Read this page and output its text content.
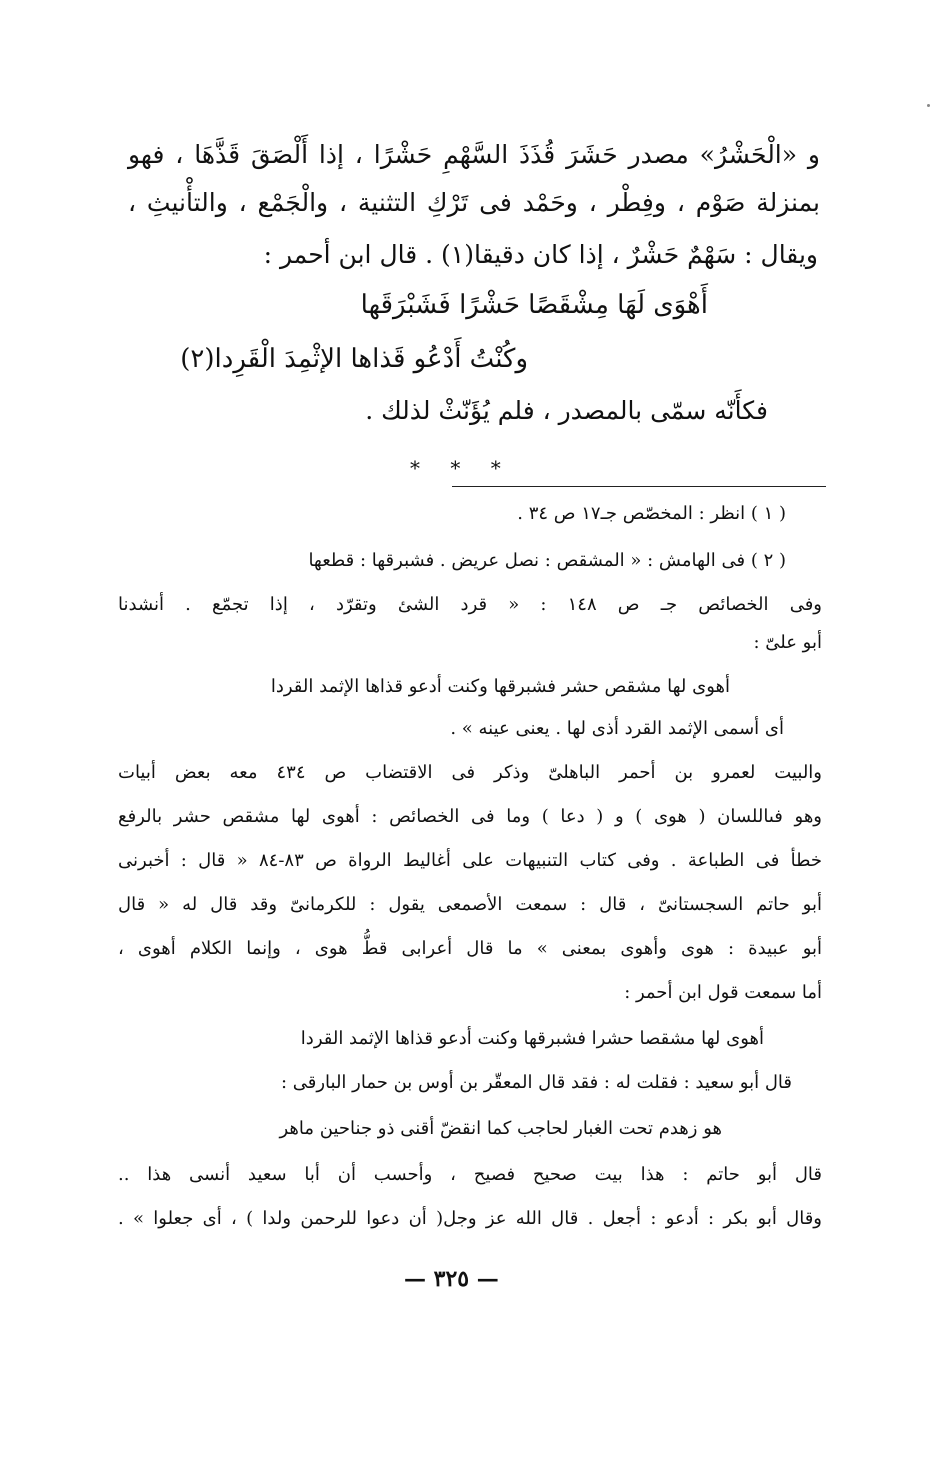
و «الْحَشْرُ» مصدر حَشَرَ قُذَذَ السَّهْمِ حَشْرًا ، إذا أَلْصَقَ قَذَّهَا ، فهو

بمنزلة صَوْم ، وفِطْر ، وحَمْد فى تَرْكِ التثنية ، والْجَمْع ، والتأْنيثِ ،

ويقال : سَهْمٌ حَشْرٌ ، إذا كان دقيقا(١) . قال ابن أحمر :

أَهْوَى لَهَا مِشْقَصًا حَشْرًا فَشَبْرَقَها

وكُنْتُ أَدْعُو قَذاها الإثْمِدَ الْقَرِدا(٢)

فكأَنّه سمّى بالمصدر ، فلم يُؤَنّثْ لذلك .

* * *

( ١ ) انظر : المخصّص جـ١٧ ص ٣٤ .

( ٢ ) فى الهامش : « المشقص : نصل عريض . فشبرقها : قطعها

وفى الخصائص جـ ص ١٤٨ : « قرد الشئ وتقرّد ، إذا تجمّع . أنشدنا

أبو علىّ :

أهوى لها مشقص حشر فشبرقها وكنت أدعو قذاها الإثمد القردا

أى أسمى الإثمد القرد أذى لها . يعنى عينه » .

والبيت لعمرو بن أحمر الباهلىّ وذكر فى الاقتضاب ص ٤٣٤ معه بعض أبيات

وهو فىاللسان ( هوى ) و ( دعا ) وما فى الخصائص : أهوى لها مشقص حشر بالرفع

خطأ فى الطباعة . وفى كتاب التنبيهات على أغاليط الرواة ص ٨٣-٨٤ « قال : أخبرنى

أبو حاتم السجستانىّ ، قال : سمعت الأصمعى يقول : للكرمانىّ وقد قال له « قال

أبو عبيدة : هوى وأهوى بمعنى » ما قال أعرابى قطُّ هوى ، وإنما الكلام أهوى ،

أما سمعت قول ابن أحمر :

أهوى لها مشقصا حشرا فشبرقها وكنت أدعو قذاها الإثمد القردا

قال أبو سعيد : فقلت له : فقد قال المعقّر بن أوس بن حمار البارقى :

هو زهدم تحت الغبار لحاجب كما انقضّ أقنى ذو جناحين ماهر

قال أبو حاتم : هذا بيت صحيح فصيح ، وأحسب أن أبا سعيد أنسى هذا ..

وقال أبو بكر : أدعو : أجعل . قال الله عز وجل( أن دعوا للرحمن ولدا ) ، أى جعلوا » .

— ٣٢٥ —
